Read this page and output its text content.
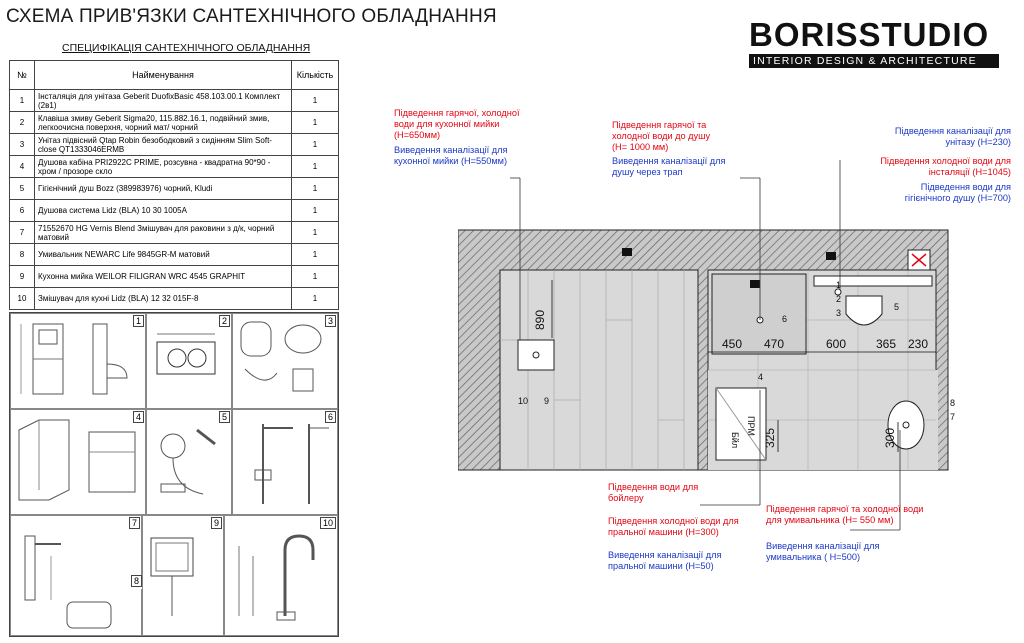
СХЕМА ПРИВ'ЯЗКИ САНТЕХНІЧНОГО ОБЛАДНАННЯ	BORISSTUDIO
INTERIOR DESIGN & ARCHITECTURE
СПЕЦИФІКАЦІЯ САНТЕХНІЧНОГО ОБЛАДНАННЯ
№	Найменування	Кількість
1	Інсталяція для унітаза Geberit DuofixBasic 458.103.00.1 Комплект (2в1)	1
2	Клавіша змиву Geberit Sigma20, 115.882.16.1, подвійний змив, легкоочисна поверхня, чорний мат/ чорний	1
3	Унітаз підвісний Qtap Robin безободковий з сидінням Slim Soft-close QT1333046ERMB	1
4	Душова кабіна PRI2922C PRIME, розсувна - квадратна 90*90 - хром / прозоре скло	1
5	Гігієнічний душ Bozz (389983976) чорний, Kludi	1
6	Душова система Lidz (BLA) 10 30 1005A	1
7	71552670 HG Vernis Blend Змішувач для раковини з д/к, чорний матовий	1
8	Умивальник NEWARC Life 9845GR-M матовий	1
9	Кухонна мийка WEILOR FILIGRAN WRC 4545 GRAPHIT	1
10	Змішувач для кухні Lidz (BLA) 12 32 015F-8	1
1	2	3
4	5	6
7
8
9	10
890
450 470	600 365 230
325	300
1
2
3
4
5
6
7
8
9
10
Бйл
ПРМ
Підведення гарячої, холодної води для кухонної мийки (Н=650мм)
Виведення каналізації для кухонної мийки (Н=550мм)
Підведення гарячої та холодної води до душу (Н= 1000 мм)
Виведення каналізації для душу через трап
Підведення каналізації для унітазу (Н=230)
Підведення холодної води для інсталяції (Н=1045)
Підведення води для гігієнічного душу (Н=700)
Підведення води для бойлеру
Підведення холодної води для пральної машини (Н=300)
Виведення каналізації для пральної машини (Н=50)
Підведення гарячої та холодної води для умивальника (Н= 550 мм)
Виведення каналізації для умивальника ( Н=500)
